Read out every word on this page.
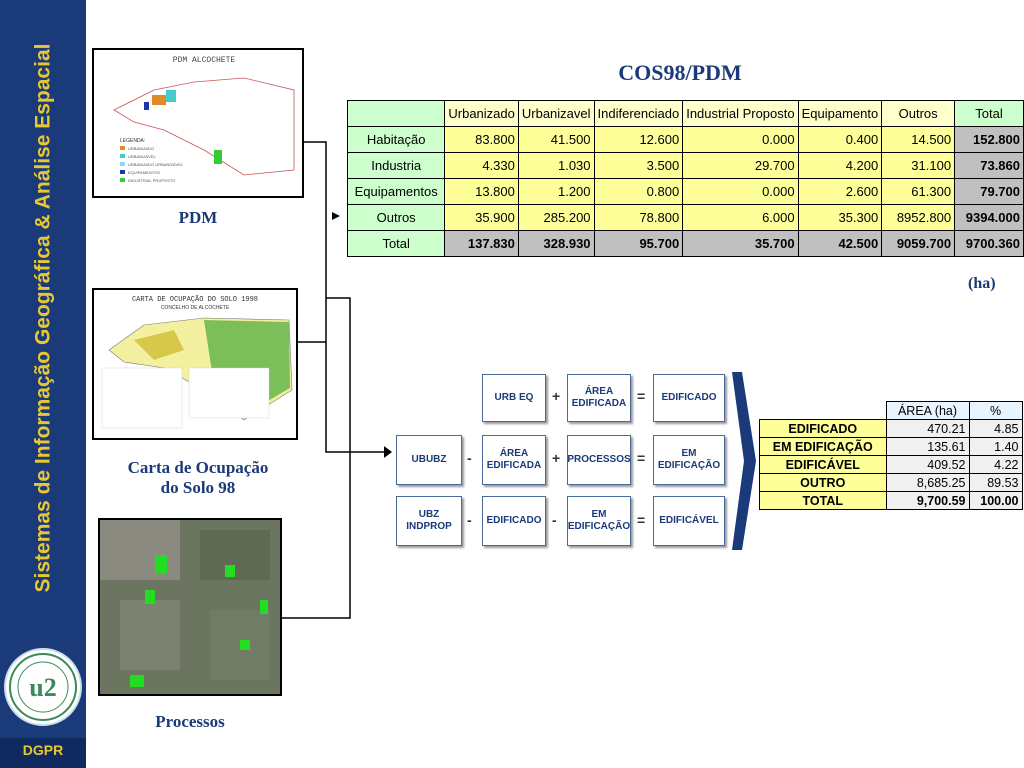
Sistemas de Informação Geográfica & Análise Espacial
u2
DGPR
PDM ALCOCHETE
LEGENDA:
URBANIZADO
URBANIZÁVEL
URBANIZADO URBANIZÁVEL
EQUIPAMENTOS
INDUSTRIAL PROPOSTO
PDM
CARTA DE OCUPAÇÃO DO SOLO 1998
CONCELHO DE ALCOCHETE
Carta de Ocupação
do Solo 98
Processos
COS98/PDM
	Urbanizado	Urbanizavel	Indiferenciado	Industrial Proposto	Equipamento	Outros	Total
Habitação	83.800	41.500	12.600	0.000	0.400	14.500	152.800
Industria	4.330	1.030	3.500	29.700	4.200	31.100	73.860
Equipamentos	13.800	1.200	0.800	0.000	2.600	61.300	79.700
Outros	35.900	285.200	78.800	6.000	35.300	8952.800	9394.000
Total	137.830	328.930	95.700	35.700	42.500	9059.700	9700.360
(ha)
URB EQ	+	ÁREA EDIFICADA =	EDIFICADO
UBUBZ	-	ÁREA EDIFICADA + PROCESSOS =	EM EDIFICAÇÃO
UBZ INDPROP	-	EDIFICADO -	EM EDIFICAÇÃO =	EDIFICÁVEL
	ÁREA (ha)	%
EDIFICADO	470.21	4.85
EM EDIFICAÇÃO	135.61	1.40
EDIFICÁVEL	409.52	4.22
OUTRO	8,685.25	89.53
TOTAL	9,700.59	100.00
